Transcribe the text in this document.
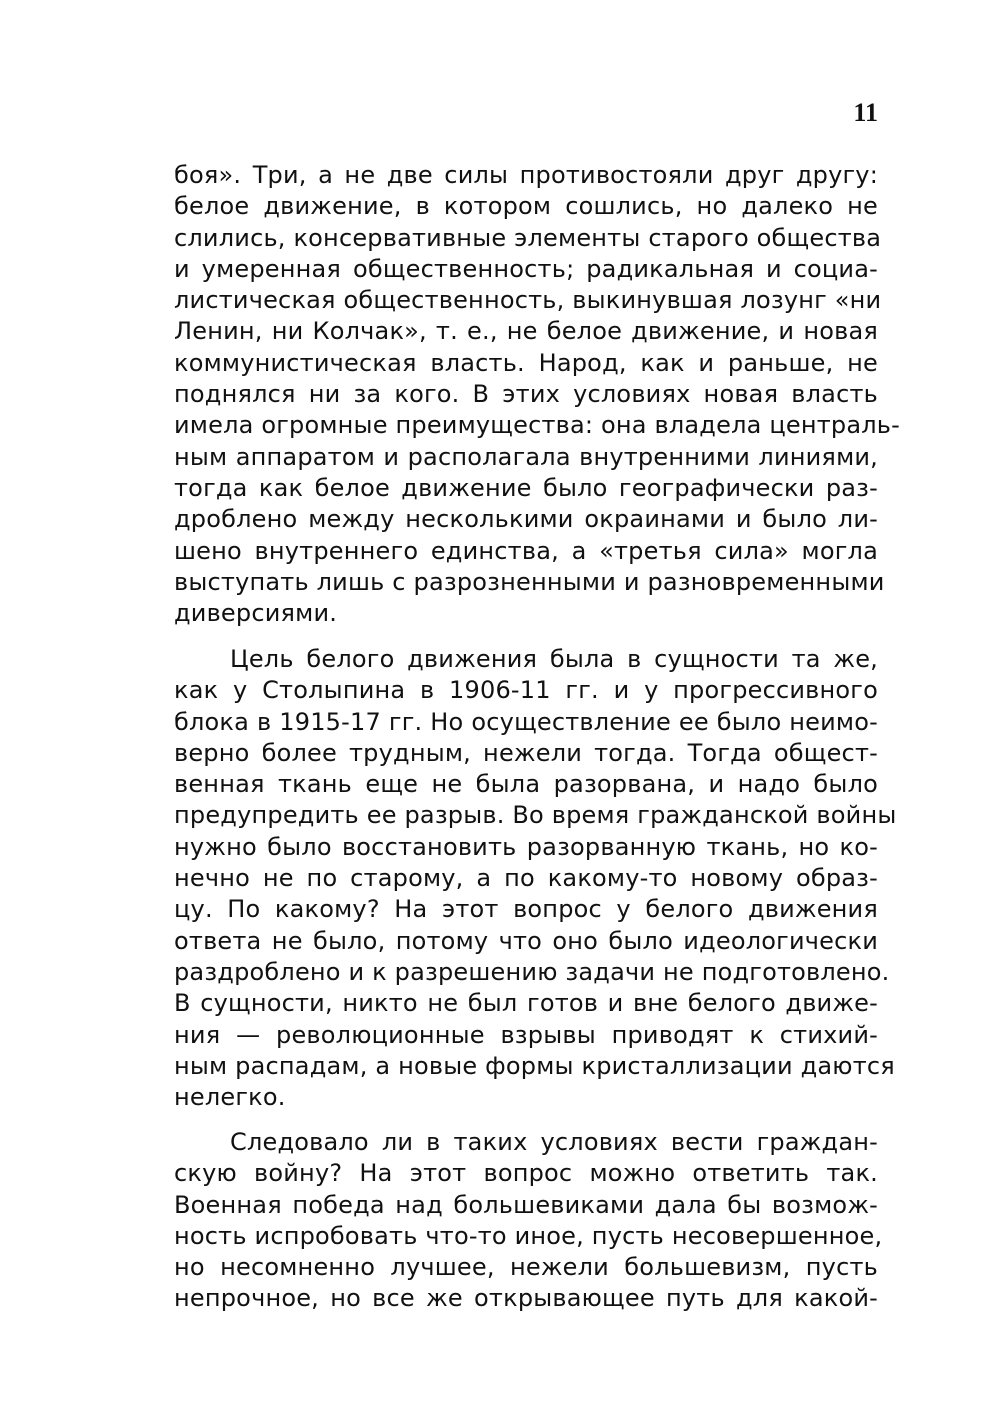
11
боя». Три, а не две силы противостояли друг другу:
белое движение, в котором сошлись, но далеко не
слились, консервативные элементы старого общества
и умеренная общественность; радикальная и социа-
листическая общественность, выкинувшая лозунг «ни
Ленин, ни Колчак», т. е., не белое движение, и новая
коммунистическая власть. Народ, как и раньше, не
поднялся ни за кого. В этих условиях новая власть
имела огромные преимущества: она владела централь-
ным аппаратом и располагала внутренними линиями,
тогда как белое движение было географически раз-
дроблено между несколькими окраинами и было ли-
шено внутреннего единства, а «третья сила» могла
выступать лишь с разрозненными и разновременными
диверсиями.
Цель белого движения была в сущности та же,
как у Столыпина в 1906-11 гг. и у прогрессивного
блока в 1915-17 гг. Но осуществление ее было неимо-
верно более трудным, нежели тогда. Тогда общест-
венная ткань еще не была разорвана, и надо было
предупредить ее разрыв. Во время гражданской войны
нужно было восстановить разорванную ткань, но ко-
нечно не по старому, а по какому-то новому образ-
цу. По какому? На этот вопрос у белого движения
ответа не было, потому что оно было идеологически
раздроблено и к разрешению задачи не подготовлено.
В сущности, никто не был готов и вне белого движе-
ния — революционные взрывы приводят к стихий-
ным распадам, а новые формы кристаллизации даются
нелегко.
Следовало ли в таких условиях вести граждан-
скую войну? На этот вопрос можно ответить так.
Военная победа над большевиками дала бы возмож-
ность испробовать что-то иное, пусть несовершенное,
но несомненно лучшее, нежели большевизм, пусть
непрочное, но все же открывающее путь для какой-
